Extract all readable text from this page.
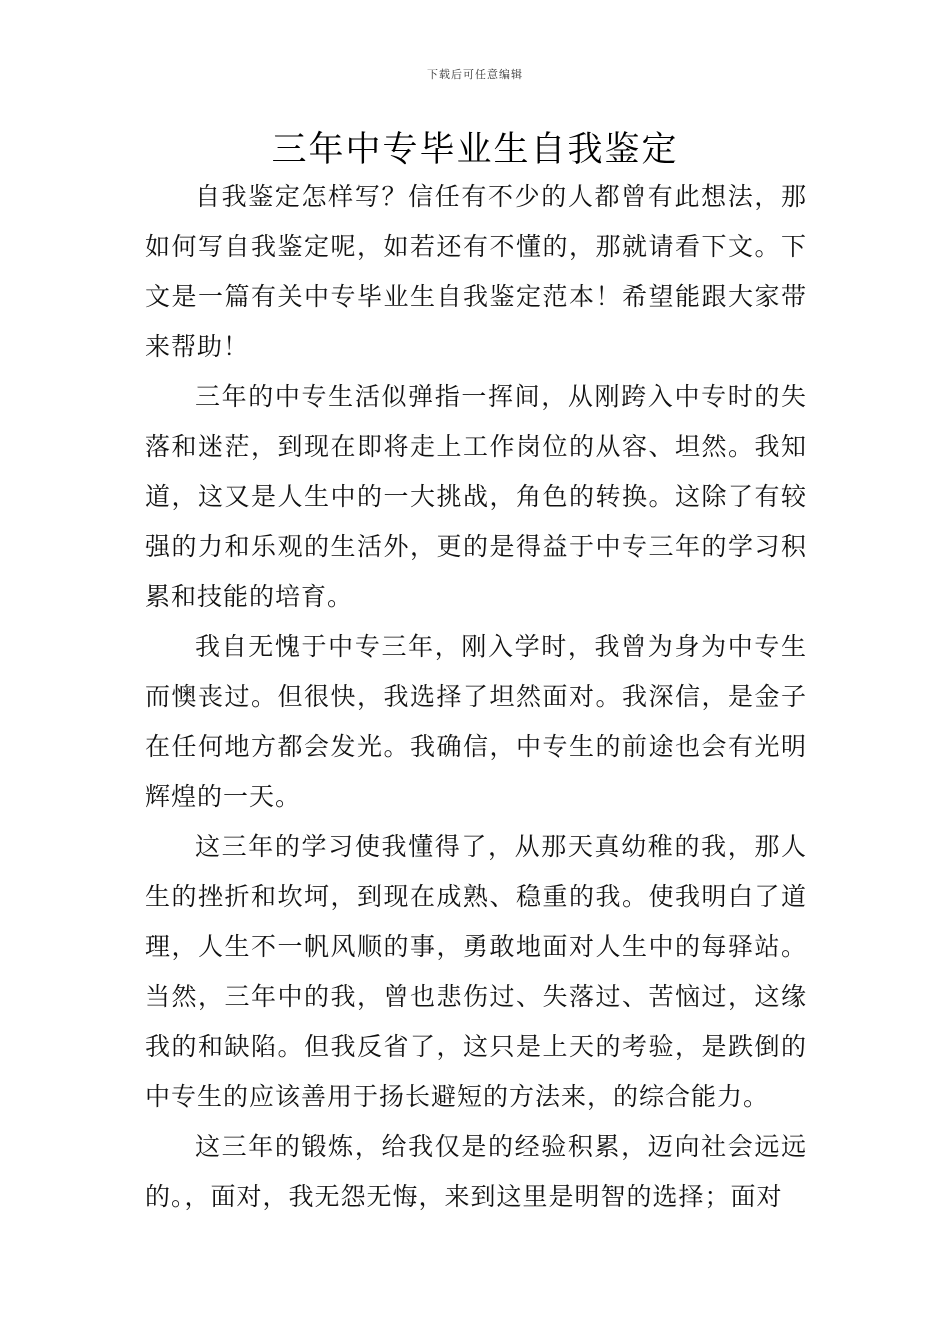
下载后可任意编辑
三年中专毕业生自我鉴定

自我鉴定怎样写？信任有不少的人都曾有此想法，那如何写自我鉴定呢，如若还有不懂的，那就请看下文。下文是一篇有关中专毕业生自我鉴定范本！希望能跟大家带来帮助！

三年的中专生活似弹指一挥间，从刚跨入中专时的失落和迷茫，到现在即将走上工作岗位的从容、坦然。我知道，这又是人生中的一大挑战，角色的转换。这除了有较强的力和乐观的生活外，更的是得益于中专三年的学习积累和技能的培育。

我自无愧于中专三年，刚入学时，我曾为身为中专生而懊丧过。但很快，我选择了坦然面对。我深信，是金子在任何地方都会发光。我确信，中专生的前途也会有光明辉煌的一天。

这三年的学习使我懂得了，从那天真幼稚的我，那人生的挫折和坎坷，到现在成熟、稳重的我。使我明白了道理，人生不一帆风顺的事，勇敢地面对人生中的每驿站。当然，三年中的我，曾也悲伤过、失落过、苦恼过，这缘我的和缺陷。但我反省了，这只是上天的考验，是跌倒的中专生的应该善用于扬长避短的方法来，的综合能力。

这三年的锻炼，给我仅是的经验积累，迈向社会远远的。，面对，我无怨无悔，来到这里是明智的选择；面对
